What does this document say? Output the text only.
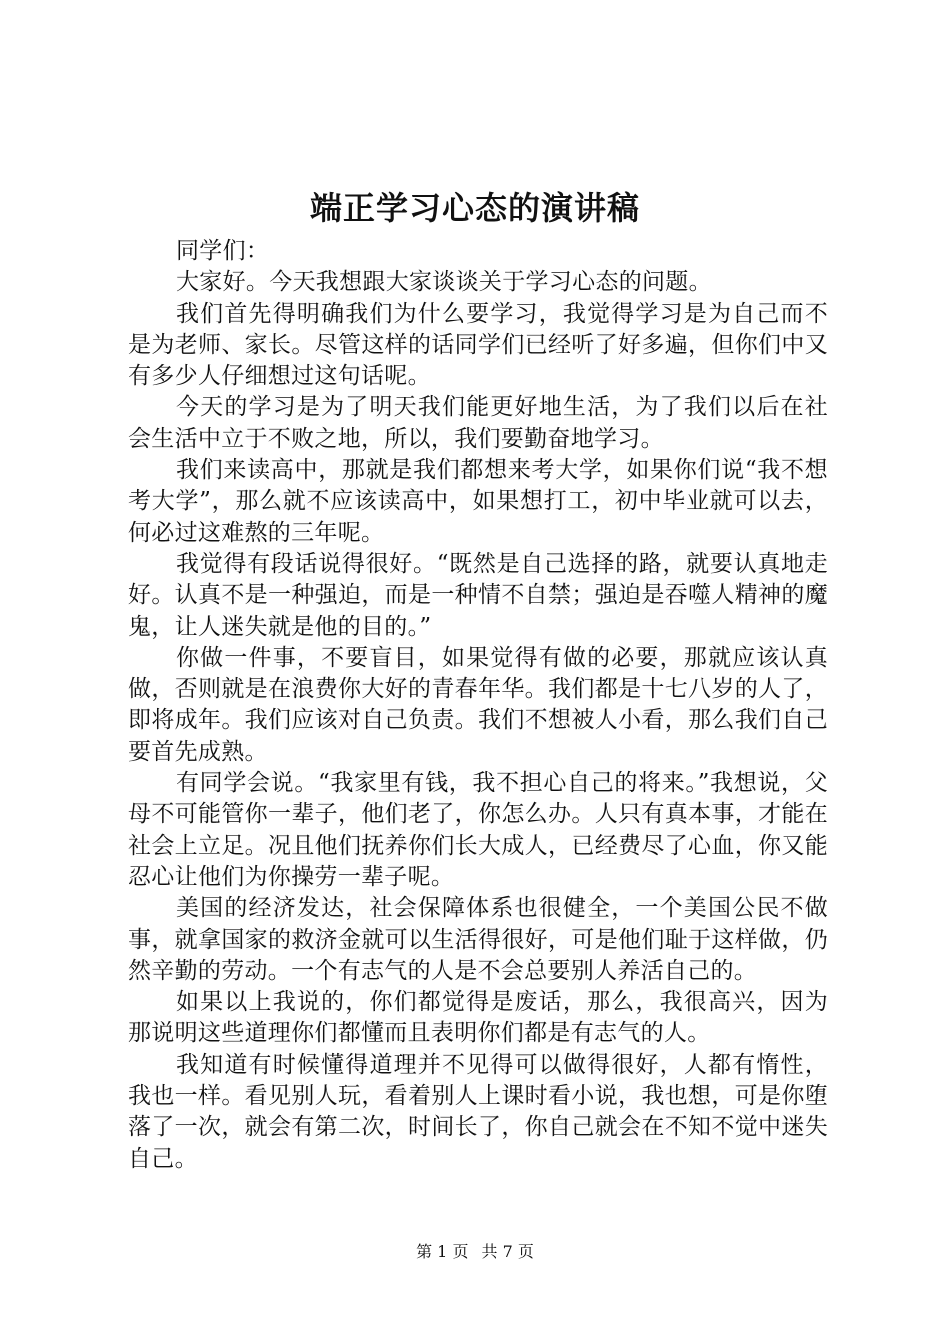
端正学习心态的演讲稿

同学们：

大家好。今天我想跟大家谈谈关于学习心态的问题。

我们首先得明确我们为什么要学习，我觉得学习是为自己而不是为老师、家长。尽管这样的话同学们已经听了好多遍，但你们中又有多少人仔细想过这句话呢。

今天的学习是为了明天我们能更好地生活，为了我们以后在社会生活中立于不败之地，所以，我们要勤奋地学习。

我们来读高中，那就是我们都想来考大学，如果你们说“我不想考大学”，那么就不应该读高中，如果想打工，初中毕业就可以去，何必过这难熬的三年呢。

我觉得有段话说得很好。“既然是自己选择的路，就要认真地走好。认真不是一种强迫，而是一种情不自禁；强迫是吞噬人精神的魔鬼，让人迷失就是他的目的。”

你做一件事，不要盲目，如果觉得有做的必要，那就应该认真做，否则就是在浪费你大好的青春年华。我们都是十七八岁的人了，即将成年。我们应该对自己负责。我们不想被人小看，那么我们自己要首先成熟。

有同学会说。“我家里有钱，我不担心自己的将来。”我想说，父母不可能管你一辈子，他们老了，你怎么办。人只有真本事，才能在社会上立足。况且他们抚养你们长大成人，已经费尽了心血，你又能忍心让他们为你操劳一辈子呢。

美国的经济发达，社会保障体系也很健全，一个美国公民不做事，就拿国家的救济金就可以生活得很好，可是他们耻于这样做，仍然辛勤的劳动。一个有志气的人是不会总要别人养活自己的。

如果以上我说的，你们都觉得是废话，那么，我很高兴，因为那说明这些道理你们都懂而且表明你们都是有志气的人。

我知道有时候懂得道理并不见得可以做得很好，人都有惰性，我也一样。看见别人玩，看着别人上课时看小说，我也想，可是你堕落了一次，就会有第二次，时间长了，你自己就会在不知不觉中迷失自己。

第 1 页 共 7 页
